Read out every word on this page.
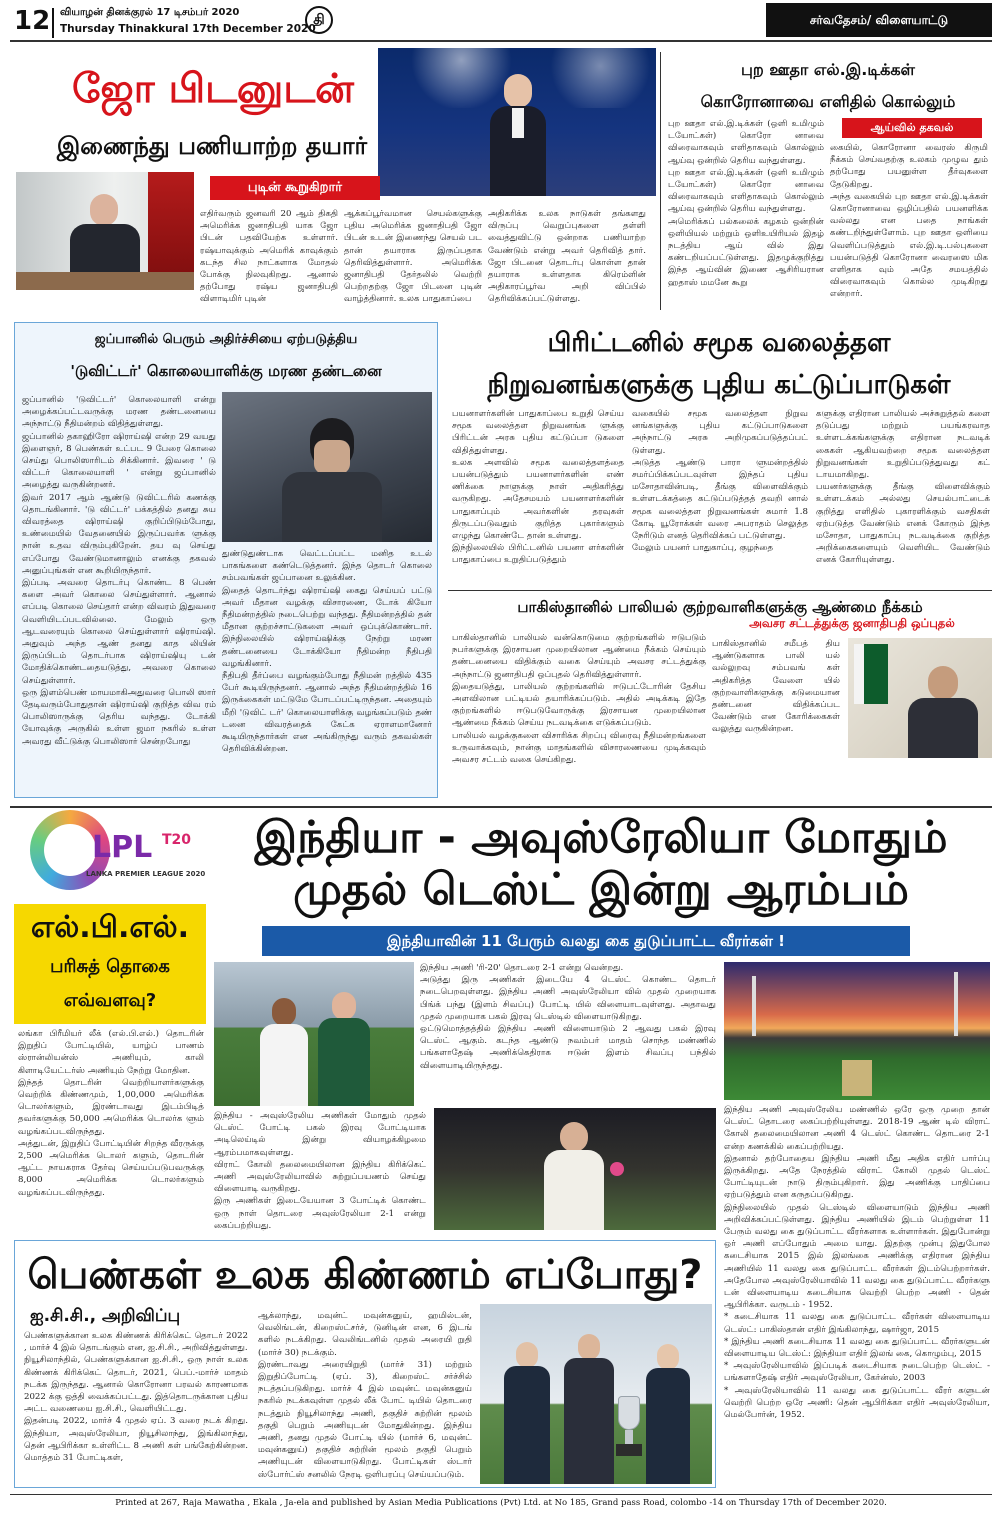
12 வியாழன் தினக்குரல் 17 டிசம்பர் 2020
Thursday Thinakkural 17th December 2020
தி	சர்வதேசம்/ விளையாட்டு
ஜோ பிடனுடன்
இணைந்து பணியாற்ற தயார்
புடின் கூறுகிறார்
எதிர்வரும் ஜனவரி 20 ஆம் திகதி அமெரிக்க ஜனாதிபதி யாக ஜோ பிடன் பதவியேற்க உள்ளார். ரஷ்யாவுக்கும் அமெரிக் காவுக்கும் கடந்த சில நாட்களாக மோதல் போக்கு நிலவுகிறது. ஆனால் தற்போது ரஷ்ய ஜனாதிபதி விளாடிமிர் புடின்
ஆக்கப்பூர்வமான செயல்களுக்கு புதிய அமெரிக்க ஜனாதிபதி ஜோ பிடன் உடன் இணைந்து செயல் பட தான் தயாராக இருப்பதாக தெரிவித்துள்ளார். அமெரிக்க ஜனாதிபதி தேர்தலில் வெற்றி பெற்றதற்கு ஜோ பிடனை புடின் வாழ்த்தினார். உலக பாதுகாப்பை
அதிகரிக்க உலக நாடுகள் தங்களது விருப்பு வெறுப்புகளை தள்ளி வைத்துவிட்டு ஒன்றாக பணியாற்ற வேண்டும் என்று அவர் தெரிவித் தார். ஜோ பிடனை தொடர்பு கொள்ள தான் தயாராக உள்ளதாக கிரெம்ளின் அதிகாரப்பூர்வ அறி விப்பில் தெரிவிக்கப்பட்டுள்ளது.
புற ஊதா எல்.இ.டிக்கள்
கொரோனாவை எளிதில் கொல்லும்
ஆய்வில் தகவல்
புற ஊதா எல்.இ.டிக்கள் (ஒளி உமிழும் டயோட்கள்) கொரோ னாவை விரைவாகவும் எளிதாகவும் கொல்லும் ஆய்வு ஒன்றில் தெரிய வந்துள்ளது.
புற ஊதா எல்.இ.டிக்கள் (ஒளி உமிழும் டயோட்கள்) கொரோ னாவை விரைவாகவும் எளிதாகவும் கொல்லும் ஆய்வு ஒன்றில் தெரிய வந்துள்ளது.
அமெரிக்கப் பல்கலைக் கழகம் ஒன்றின் ஒளியியல் மற்றும் ஒளிஉயிரியல் இதழ் நடத்திய ஆய் வில் இது கண்டறியப்பட்டுள்ளது. இதழுக்குறித்து இந்த ஆய்வின் இணை ஆசிரியரான ஹதாஸ் மமனே கூறு
கையில், கொரோனா வைரஸ் கிருமி நீக்கம் செய்வதற்கு உலகம் முழுவ தும் தற்போது பயனுள்ள தீர்வுகளை தேடுகிறது.
அந்த வகையில் புற ஊதா எல்.இ.டிக்கள் கொரோனாவை ஒழிப்பதில் பயனளிக்க வல்லது என பதை நாங்கள் கண்டறிந்துள்ளோம். புற ஊதா ஒளியை வெளிப்படுத்தும் எல்.இ.டி.பல்புகளை பயன்படுத்தி கொரோனா வைரஸை மிக எளிதாக வும் அதே சமயத்தில் விரைவாகவும் கொல்ல முடிகிறது என்றார்.
ஜப்பானில் பெரும் அதிர்ச்சியை ஏற்படுத்திய
'டுவிட்டர்' கொலையாளிக்கு மரண தண்டனை
ஜப்பானில் 'டுவிட்டர்' கொலையாளி என்று அழைக்கப்பட்டவருக்கு மரண தண்டனையை அந்நாட்டு நீதிமன்றம் விதித்துள்ளது.
ஜப்பானில் தகாஹிரோ ஷிராய்ஷி என்ற 29 வயது இளைஞர், 8 பெண்கள் உட்பட 9 பேரை கொலை செய்து பொலிஸாரிடம் சிக்கினார். இவரை ' டு விட்டர் கொலையாளி ' என்று ஜப்பானில் அழைத்து வருகின்றனர்.
இவர் 2017 ஆம் ஆண்டு டுவிட்டரில் கணக்கு தொடங்கினார். 'டு விட்டர்' பக்கத்தில் தனது சுய விவரத்தை ஷிராய்ஷி குறிப்பிடும்போது, உண்மையில் வேதனையில் இருப்பவர்க ளுக்கு நான் உதவ விரும்புகிறேன். தய வு செய்து எப்போது வேண்டுமானாலும் எனக்கு தகவல் அனுப்புங்கள் என கூறியிருந்தார்.
இப்படி அவரை தொடர்பு கொண்ட 8 பெண் களை அவர் கொலை செய்துள்ளார். ஆனால் எப்படி கொலை செய்தார் என்ற விவரம் இதுவரை வெளியிடப்படவில்லை. மேலும் ஒரு ஆடவரையும் கொலை செய்துள்ளார் ஷிராய்ஷி. அதுவும் அந்த ஆண் தனது காத லியின் இருப்பிடம் தொடர்பாக ஷிராய்ஷியு டன் மோதிக்கொண்டதையடுத்து, அவரை கொலை செய்துள்ளார்.
ஒரு இளம்பெண் மாயமாகிஅதுவரை பொலி ஸார் தேடிவரும்போதுதான் ஷிராய்ஷி குறித்த விவ ரம் பொலிஸாருக்கு தெரிய வந்தது. டோக்கி யோவுக்கு அருகில் உள்ள ஜமா நகரில் உள்ள அவரது வீட்டுக்கு பொலிஸார் சென்றபோது
துண்டுதுண்டாக வெட்டப்பட்ட மனித உடல் பாகங்களை கண்டெடுத்தனர். இந்த தொடர் கொலை சம்பவங்கள் ஜப்பானை உலுக்கின.
இதைத் தொடர்ந்து ஷிராய்ஷி கைது செய்யப் பட்டு அவர் மீதான வழக்கு விசாரணை, டோக் கியோ நீதிமன்றத்தில் நடைபெற்று வந்தது. நீதிமன்றத்தில் தன் மீதான குற்றச்சாட்டுகளை அவர் ஒப்புக்கொண்டார். இந்நிலையில் ஷிராய்ஷிக்கு நேற்று மரண தண்டனையை டோக்கியோ நீதிமன்ற நீதிபதி வழங்கினார்.
நீதிபதி தீர்ப்பை வழங்கும்போது நீதிமன் றத்தில் 435 பேர் கூடியிருந்தனர். ஆனால் அந்த நீதிமன்றத்தில் 16 இருக்கைகள் மட்டுமே போடப்பட்டிருந்தன. அதையும் மீறி 'டுவிட் டர்' கொலையாளிக்கு வழங்கப்படும் தண் டனை விவரத்தைக் கேட்க ஏராளமானோர் கூடியிருந்தார்கள் என அங்கிருந்து வரும் தகவல்கள் தெரிவிக்கின்றன.
பிரிட்டனில் சமூக வலைத்தள
நிறுவனங்களுக்கு புதிய கட்டுப்பாடுகள்
பயனாளர்களின் பாதுகாப்பை உறுதி செய்ய சமூக வலைத்தள நிறுவனங்க ளுக்கு பிரிட்டன் அரசு புதிய கட்டுப்பா டுகளை விதித்துள்ளது.
உலக அளவில் சமூக வலைத்தளத்தை பயன்படுத்தும் பயனாளர்களின் எண் ணிக்கை நாளுக்கு நாள் அதிகரித்து வருகிறது. அதேசமயம் பயனாளர்களின் பாதுகாப்பும் அவர்களின் தரவுகள் திருடப்படுவதும் குறித்த புகார்களும் எழுந்து கொண்டே தான் உள்ளது.
இந்நிலையில் பிரிட்டனில் பயனா ளர்களின் பாதுகாப்பை உறுதிப்படுத்தும்
வகையில் சமூக வலைத்தள நிறுவ னங்களுக்கு புதிய கட்டுப்பாடுகளை அந்நாட்டு அரசு அறிமுகப்படுத்தப்பட் டுள்ளது.
அடுத்த ஆண்டு பாரா ளுமன்றத்தில் சமர்ப்பிக்கப்படவுள்ள இந்தப் புதிய மசோதாவின்படி, தீங்கு விளைவிக்கும் உள்ளடக்கத்தை கட்டுப்படுத்தத் தவறி னால் சமூக வலைத்தள நிறுவனங்கள் சுமார் 1.8 கோடி யூரோக்கள் வரை அபராதம் செலுத்த நேரிடும் எனத் தெரிவிக்கப் பட்டுள்ளது.
மேலும் பயனர் பாதுகாப்பு, குழந்தை
களுக்கு எதிரான பாலியல் அச்சுறுத்தல் களை தடுப்பது மற்றும் பயங்கரவாத உள்ளடக்கங்களுக்கு எதிரான நடவடிக் கைகள் ஆகியவற்றை சமூக வலைத்தள நிறுவனங்கள் உறுதிப்படுத்துவது கட் டாயமாகிறது.
பயனர்களுக்கு தீங்கு விளைவிக்கும் உள்ளடக்கம் அல்லது செயல்பாட்டைக் குறித்து எளிதில் புகாரளிக்கும் வசதிகள் ஏற்படுத்த வேண்டும் எனக் கோரும் இந்த மசோதா, பாதுகாப்பு நடவடிக்கை குறித்த அறிக்கைகளையும் வெளியிட வேண்டும் எனக் கோரியுள்ளது.
பாகிஸ்தானில் பாலியல் குற்றவாளிகளுக்கு ஆண்மை நீக்கம்
அவசர சட்டத்துக்கு ஜனாதிபதி ஒப்புதல்
பாகிஸ்தானில் பாலியல் வன்கொடுமை குற்றங்களில் ஈடுபடும் நபர்களுக்கு இரசாயன முறையிலான ஆண்மை நீக்கம் செய்யும் தண்டனையை விதிக்கும் வகை செய்யும் அவசர சட்டத்துக்கு அந்நாட்டு ஜனாதிபதி ஒப்புதல் தெரிவித்துள்ளார்.
இதையடுத்து, பாலியல் குற்றங்களில் ஈடுபட்டோரின் தேசிய அளவிலான பட்டியல் தயாரிக்கப்படும். அதில் அடிக்கடி இதே குற்றங்களில் ஈடுபடுவோருக்கு இரசாயன முறையிலான ஆண்மை நீக்கம் செய்ய நடவடிக்கை எடுக்கப்படும்.
பாலியல் வழக்குகளை விசாரிக்க சிறப்பு விரைவு நீதிமன்றங்களை உருவாக்கவும், நான்கு மாதங்களில் விசாரணையை முடிக்கவும் அவசர சட்டம் வகை செய்கிறது.
பாகிஸ்தானில் சமீபத் திய ஆண்டுகளாக பாலி யல் வல்லுறவு சம்பவங் கள் அதிகரித்த வேளை யில் குற்றவாளிகளுக்கு கடுமையான தண்டனை விதிக்கப்பட வேண்டும் என கோரிக்கைகள் வலுத்து வருகின்றன.
LPL T20
LANKA PREMIER LEAGUE 2020
இந்தியா - அவுஸ்ரேலியா மோதும்
முதல் டெஸ்ட் இன்று ஆரம்பம்
இந்தியாவின் 11 பேரும் வலது கை துடுப்பாட்ட வீரர்கள் !
எல்.பி.எல்.
பரிசுத் தொகை
எவ்வளவு?
லங்கா பிரீமியர் லீக் (எல்.பி.எல்.) தொடரின் இறுதிப் போட்டியில், யாழ்ப் பாணம் ஸ்ரான்லியன்ஸ் அணியும், காலி கிளாடியேட்டர்ஸ் அணியும் நேற்று மோதின.
இந்தத் தொடரின் வெற்றியாளர்களுக்கு வெற்றிக் கிண்ணமும், 1,00,000 அமெரிக்க டொலர்களும், இரண்டாவது இடம்பிடித் தவர்களுக்கு 50,000 அமெரிக்க டொலர்க ளும் வழங்கப்படவிருந்தது.
அத்துடன், இறுதிப் போட்டியின் சிறந்த வீரருக்கு 2,500 அமெரிக்க டொலர் களும், தொடரின் ஆட்ட நாயகராக தேர்வு செய்யப்படுபவருக்கு 8,000 அமெரிக்க டொலர்களும் வழங்கப்படவிருந்தது.
இந்திய அணி 'ரி-20' தொடரை 2-1 என்று வென்றது.
அடுத்து இரு அணிகள் இடையே 4 டெஸ்ட் கொண்ட தொடர் நடைபெறவுள்ளது. இந்திய அணி அவுஸ்ரேலியா வில் முதல் முறையாக பிங்க் பந்து (இளம் சிவப்பு) போட்டி யில் விளையாடவுள்ளது. அதாவது முதல் முறையாக பகல் இரவு டெஸ்டில் விளையாடுகிறது.
ஒட்டுமொத்தத்தில் இந்திய அணி விளையாடும் 2 ஆவது பகல் இரவு டெஸ்ட் ஆகும். கடந்த ஆண்டு நவம்பர் மாதம் சொந்த மண்ணில் பங்களாதேஷ் அணிக்கெதிராக ஈடுன் இளம் சிவப்பு பந்தில் விளையாடியிருந்தது.
இந்திய - அவுஸ்ரேலிய அணிகள் மோதும் முதல் டெஸ்ட் போட்டி பகல் இரவு போட்டியாக அடிலெய்டில் இன்று வியாழக்கிழமை ஆரம்பமாகவுள்ளது.
விராட் கோலி தலைமையிலான இந்திய கிரிக்கெட் அணி அவுஸ்ரேலியாவில் சுற்றுப்பயணம் செய்து விளையாடி வருகிறது.
இரு அணிகள் இடையேயான 3 போட்டிக் கொண்ட ஒரு நாள் தொடரை அவுஸ்ரேலியா 2-1 என்று கைப்பற்றியது.
இந்திய அணி அவுஸ்ரேலிய மண்ணில் ஒரே ஒரு முறை தான் டெஸ்ட் தொடரை கைப்பற்றியுள்ளது. 2018-19 ஆண் டில் விராட் கோலி தலைமையிலான அணி 4 டெஸ்ட் கொண்ட தொடரை 2-1 என்ற கணக்கில் கைப்பற்றியது.
இதனால் தற்போதைய இந்திய அணி மீது அதிக எதிர் பார்ப்பு இருக்கிறது. அதே நேரத்தில் விராட் கோலி முதல் டெஸ்ட் போட்டியுடன் நாடு திரும்புகிறார். இது அணிக்கு பாதிப்பை ஏற்படுத்தும் என கருதப்படுகிறது.
இந்நிலையில் முதல் டெஸ்டில் விளையாடும் இந்திய அணி அறிவிக்கப்பட்டுள்ளது. இந்திய அணியில் இடம் பெற்றுள்ள 11 பேரும் வலது கை துடுப்பாட்ட வீரர்களாக உள்ளார்கள். இதுபோன்று ஒர் அணி எப்போதும் அமை யாது. இதற்கு முன்பு இதுபோல கடைசியாக 2015 இல் இலங்கை அணிக்கு எதிரான இந்திய அணியில் 11 வலது கை துடுப்பாட்ட வீரர்கள் இடம்பெற்றார்கள். அதேபோல அவுஸ்ரேலியாவில் 11 வலது கை துடுப்பாட்ட வீரர்களு டன் விளையாடிய கடைசியாக வெற்றி பெற்ற அணி - தென் ஆபிரிக்கா. வருடம் - 1952.
* கடைசியாக 11 வலது கை துடுப்பாட்ட வீரர்கள் விளையாடிய டெஸ்ட்: பாகிஸ்தான் எதிர் இங்கிலாந்து, ஷார்ஜா, 2015
* இந்திய அணி கடைசியாக 11 வலது கை துடுப்பாட்ட வீரர்களுடன் விளையாடிய டெஸ்ட்: இந்தியா எதிர் இலங் கை, கொழும்பு, 2015
* அவுஸ்ரேலியாவில் இப்படிக் கடைசியாக நடைபெற்ற டெஸ்ட் - பங்களாதேஷ் எதிர் அவுஸ்ரேலியா, கேர்ன்ஸ், 2003
* அவுஸ்ரேலியாவில் 11 வலது கை துடுப்பாட்ட வீரர் களுடன் வெற்றி பெற்ற ஒரே அணி: தென் ஆபிரிக்கா எதிர் அவுஸ்ரேலியா, மெல்போர்ன், 1952.
பெண்கள் உலக கிண்ணம் எப்போது?
ஐ.சி.சி., அறிவிப்பு
பெண்களுக்கான உலக கிண்ணக் கிரிக்கெட் தொடர் 2022 , மார்ச் 4 இல் தொடங்கும் என, ஐ.சி.சி., அறிவித்துள்ளது.
நியூசிலாந்தில், பெண்களுக்கான ஐ.சி.சி., ஒரு நாள் உலக கிண்ணக் கிரிக்கெட் தொடர், 2021, பெப்.-மார்ச் மாதம் நடக்க இருந்தது. ஆனால் கொரோனா பரவல் காரணமாக 2022 க்கு ஒத்தி வைக்கப்பட்டது. இத்தொடருக்கான புதிய அட்ட வணையை ஐ.சி.சி., வெளியிட்டது.
இதன்படி 2022, மார்ச் 4 முதல் ஏப். 3 வரை நடக் கிறது. இந்தியா, அவுஸ்ரேலியா, நியூசிலாந்து, இங்கிலாந்து, தென் ஆபிரிக்கா உள்ளிட்ட 8 அணி கள் பங்கேற்கின்றன. மொத்தம் 31 போட்டிகள்,
ஆக்லாந்து, மவுன்ட் மவுன்கனுய், ஹமில்டன், வெலிங்டன், கிறைஸ்ட்சர்ச், டுனிடின் என, 6 இடங் களில் நடக்கிறது. வெலிங்டனில் முதல் அரையி றுதி (மார்ச் 30) நடக்கும்.
இரண்டாவது அரையிறுதி (மார்ச் 31) மற்றும் இறுதிப்போட்டி (ஏப். 3), கிறைஸ்ட் சர்ச்சில் நடத்தப்படுகிறது. மார்ச் 4 இல் மவுன்ட் மவுன்கனுய் நகரில் நடக்கவுள்ள முதல் லீக் போட் டியில் தொடரை நடத்தும் நியூசிலாந்து அணி, தகுதிச் சுற்றின் மூலம் தகுதி பெறும் அணியுடன் மோதுகின்றது. இந்திய அணி, தனது முதல் போட்டி யில் (மார்ச் 6, மவுன்ட் மவுன்கனுய்) தகுதிச் சுற்றின் மூலம் தகுதி பெறும் அணியுடன் விளையாடுகிறது. போட்டிகள் ஸ்டார் ஸ்போர்ட்ஸ் சனலில் நேரடி ஒளிபரப்பு செய்யப்படும்.
Printed at 267, Raja Mawatha , Ekala , Ja-ela and published by Asian Media Publications (Pvt) Ltd. at No 185, Grand pass Road, colombo -14 on Thursday 17th of December 2020.
